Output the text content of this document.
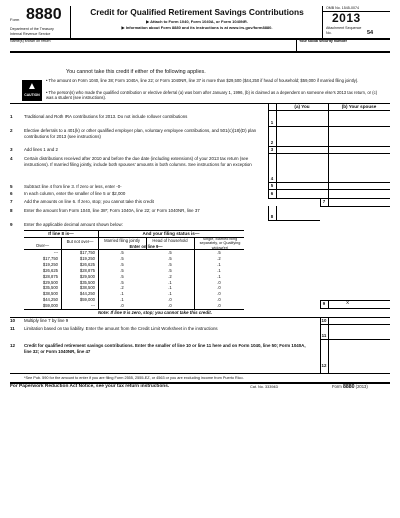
Form 8880
Department of the Treasury
Internal Revenue Service
Credit for Qualified Retirement Savings Contributions
▶ Attach to Form 1040, Form 1040A, or Form 1040NR.
▶ Information about Form 8880 and its instructions is at www.irs.gov/form8880.
OMB No. 1545-0074
2013
Attachment Sequence No.	54
Name(s) shown on return	Your social security number
You cannot take this credit if either of the following applies.
▲
CAUTION
• The amount on Form 1040, line 38; Form 1040A, line 22; or Form 1040NR, line 37 is more than $29,500 ($44,250 if head of household; $59,000 if married filing jointly).
• The person(s) who made the qualified contribution or elective deferral (a) was born after January 1, 1996, (b) is claimed as a dependent on someone else's 2013 tax return, or (c) was a student (see instructions).
(a) You	(b) Your spouse
1	Traditional and Roth IRA contributions for 2013. Do not include rollover contributions
1
2	Elective deferrals to a 401(k) or other qualified employer plan, voluntary employee contributions, and 501(c)(18)(D) plan contributions for 2013 (see instructions)
2
3	Add lines 1 and 2	3
4	Certain distributions received after 2010 and before the due date (including extensions) of your 2013 tax return (see instructions). If married filing jointly, include both spouses' amounts in both columns. See instructions for an exception
4
5	Subtract line 4 from line 3. If zero or less, enter -0-	5
6	In each column, enter the smaller of line 5 or $2,000	6
7	Add the amounts on line 6. If zero, stop; you cannot take this credit	7
8	Enter the amount from Form 1040, line 38*; Form 1040A, line 22; or Form 1040NR, line 37
8
9	Enter the applicable decimal amount shown below:
If line 8 is—	And your filing status is—
Over—
But not over—	Married filing jointly	Head of household	Single, Married filing separately, or Qualifying widow(er)
Enter on line 9—
---	$17,750	.5	.5	.5
$17,750	$19,250	.5	.5	.2
$19,250	$26,625	.5	.5	.1
$26,625	$28,875	.5	.5	.1
$28,875	$29,500	.5	.2	.1
$29,500	$35,500	.5	.1	.0
$35,500	$38,500	.2	.1	.0
$38,500	$44,250	.1	.1	.0
$44,250	$59,000	.1	.0	.0
$59,000	---	.0	.0	.0
Note: If line 9 is zero, stop; you cannot take this credit.
9	X
10 Multiply line 7 by line 9	10
11 Limitation based on tax liability. Enter the amount from the Credit Limit Worksheet in the instructions
11
12 Credit for qualified retirement savings contributions. Enter the smaller of line 10 or line 11 here and on Form 1040, line 50; Form 1040A, line 32; or Form 1040NR, line 47
12
*See Pub. 590 for the amount to enter if you are filing Form 2555, 2555-EZ, or 4563 or you are excluding income from Puerto Rico.
For Paperwork Reduction Act Notice, see your tax return instructions.	Cat. No. 33394D	Form 8880 (2013)
